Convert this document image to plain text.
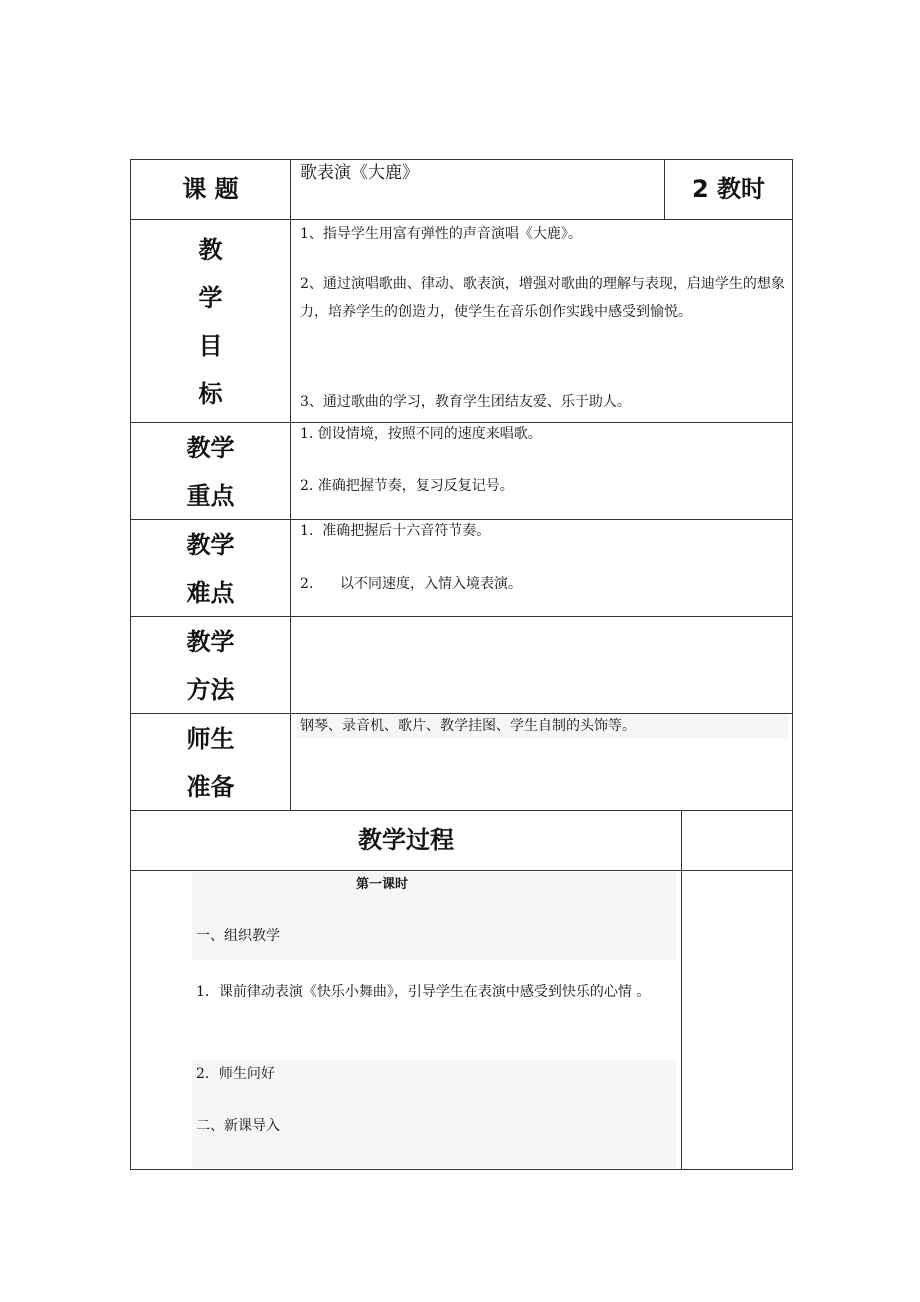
课 题
歌表演《大鹿》
2 教时
教
学
目
标
1、指导学生用富有弹性的声音演唱《大鹿》。
2、通过演唱歌曲、律动、歌表演，增强对歌曲的理解与表现，启迪学生的想象力，培养学生的创造力，使学生在音乐创作实践中感受到愉悦。
3、通过歌曲的学习，教育学生团结友爱、乐于助人。
教学
重点
1. 创设情境，按照不同的速度来唱歌。
2. 准确把握节奏，复习反复记号。
教学
难点
1.  准确把握后十六音符节奏。
2.      以不同速度，入情入境表演。
教学
方法
师生
准备
钢琴、录音机、歌片、教学挂图、学生自制的头饰等。
教学过程
第一课时
一、组织教学
1．课前律动表演《快乐小舞曲》，引导学生在表演中感受到快乐的心情 。
2．师生问好
二、新课导入
